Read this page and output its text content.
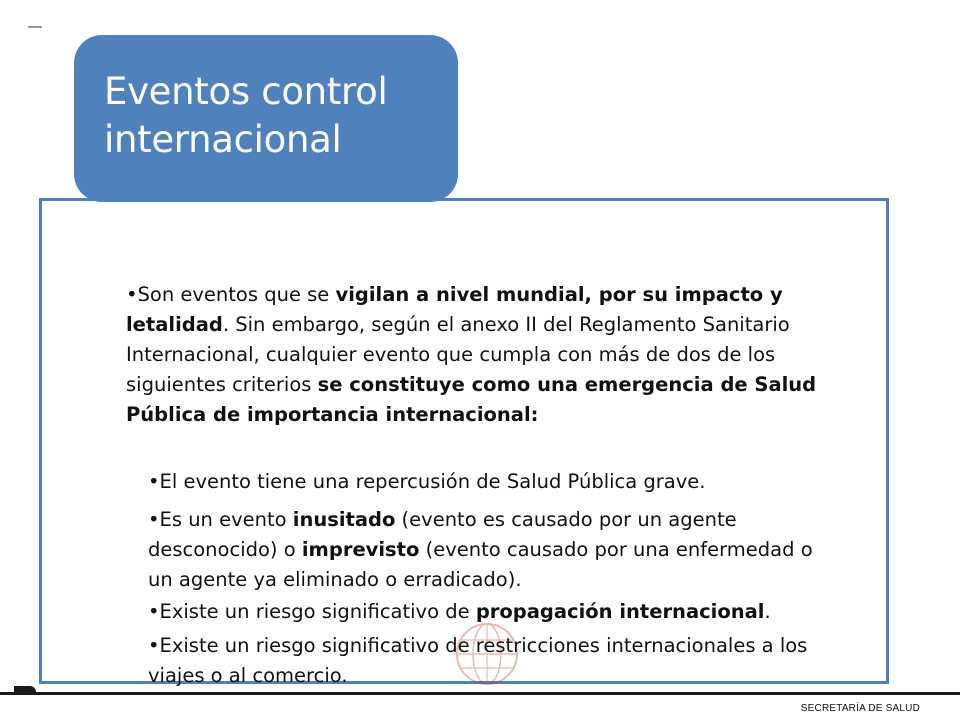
Eventos control
internacional

•Son eventos que se vigilan a nivel mundial, por su impacto y letalidad. Sin embargo, según el anexo II del Reglamento Sanitario Internacional, cualquier evento que cumpla con más de dos de los siguientes criterios se constituye como una emergencia de Salud Pública de importancia internacional:

•El evento tiene una repercusión de Salud Pública grave.

•Es un evento inusitado (evento es causado por un agente desconocido) o imprevisto (evento causado por una enfermedad o un agente ya eliminado o erradicado).

•Existe un riesgo significativo de propagación internacional.

•Existe un riesgo significativo de restricciones internacionales a los viajes o al comercio.

SECRETARÍA DE SALUD
